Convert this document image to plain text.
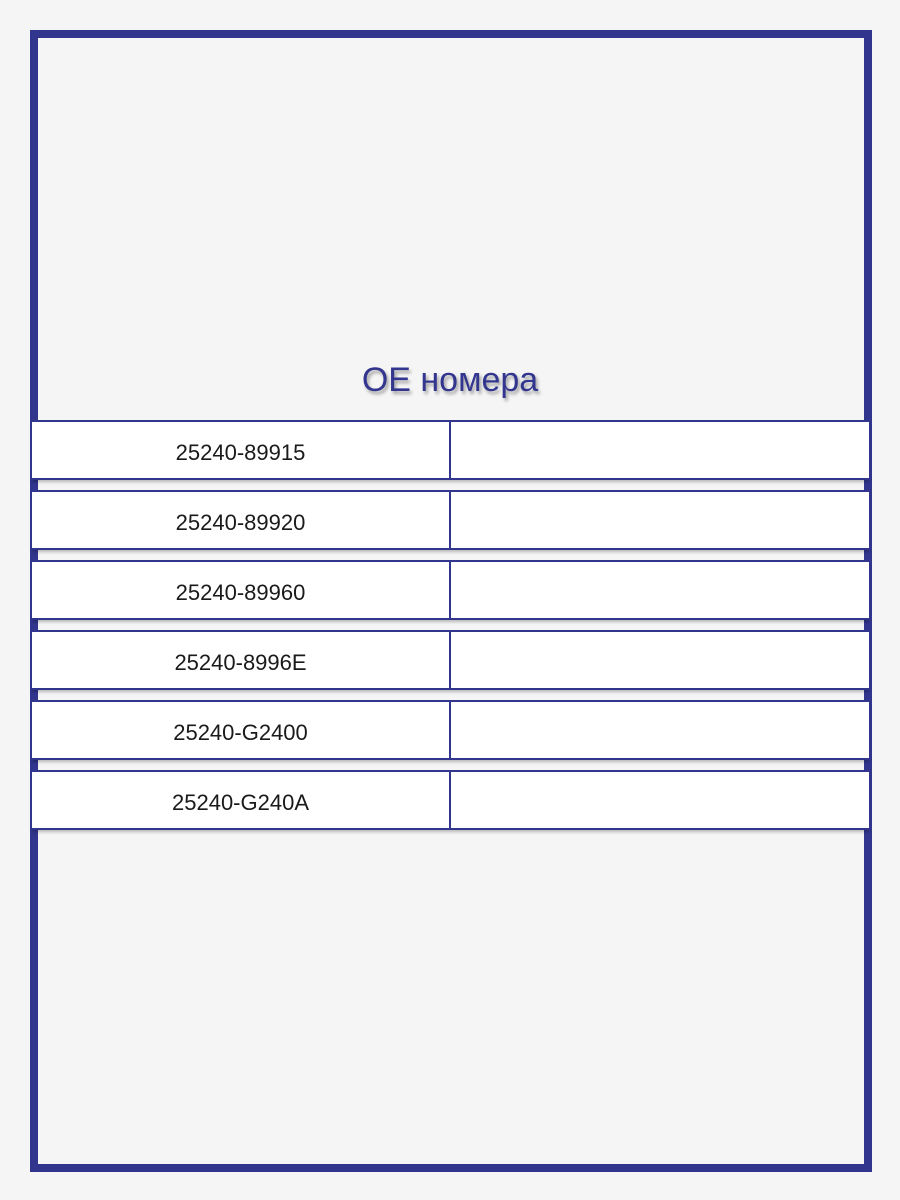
OE номера
25240-89915
25240-89920
25240-89960
25240-8996E
25240-G2400
25240-G240A
